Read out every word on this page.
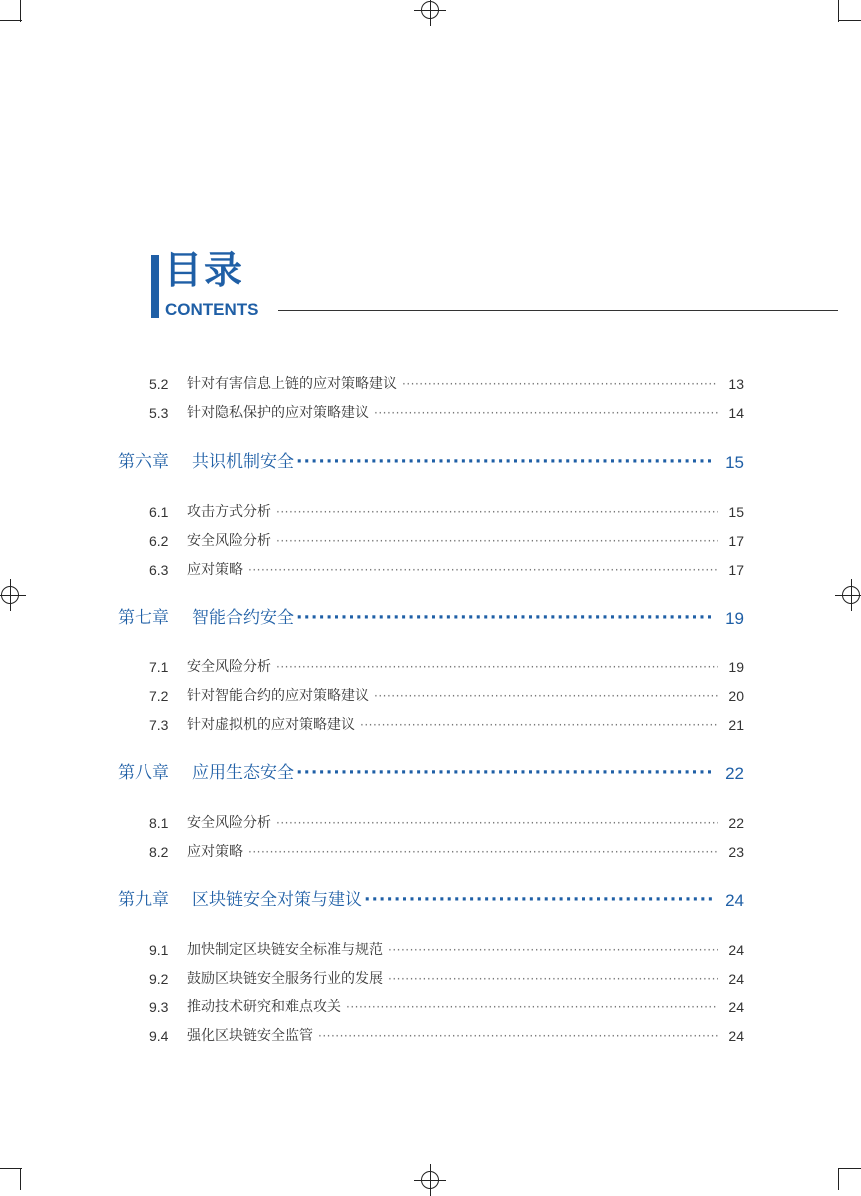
目录
CONTENTS
5.2	针对有害信息上链的应对策略建议 ·····	13
5.3	针对隐私保护的应对策略建议 ·····	14
第六章	共识机制安全 ·····	15
6.1	攻击方式分析 ·····	15
6.2	安全风险分析 ·····	17
6.3	应对策略 ·····	17
第七章	智能合约安全 ·····	19
7.1	安全风险分析 ·····	19
7.2	针对智能合约的应对策略建议 ·····	20
7.3	针对虚拟机的应对策略建议 ·····	21
第八章	应用生态安全 ·····	22
8.1	安全风险分析 ·····	22
8.2	应对策略 ·····	23
第九章	区块链安全对策与建议 ·····	24
9.1	加快制定区块链安全标准与规范 ·····	24
9.2	鼓励区块链安全服务行业的发展 ·····	24
9.3	推动技术研究和难点攻关 ·····	24
9.4	强化区块链安全监管 ·····	24
